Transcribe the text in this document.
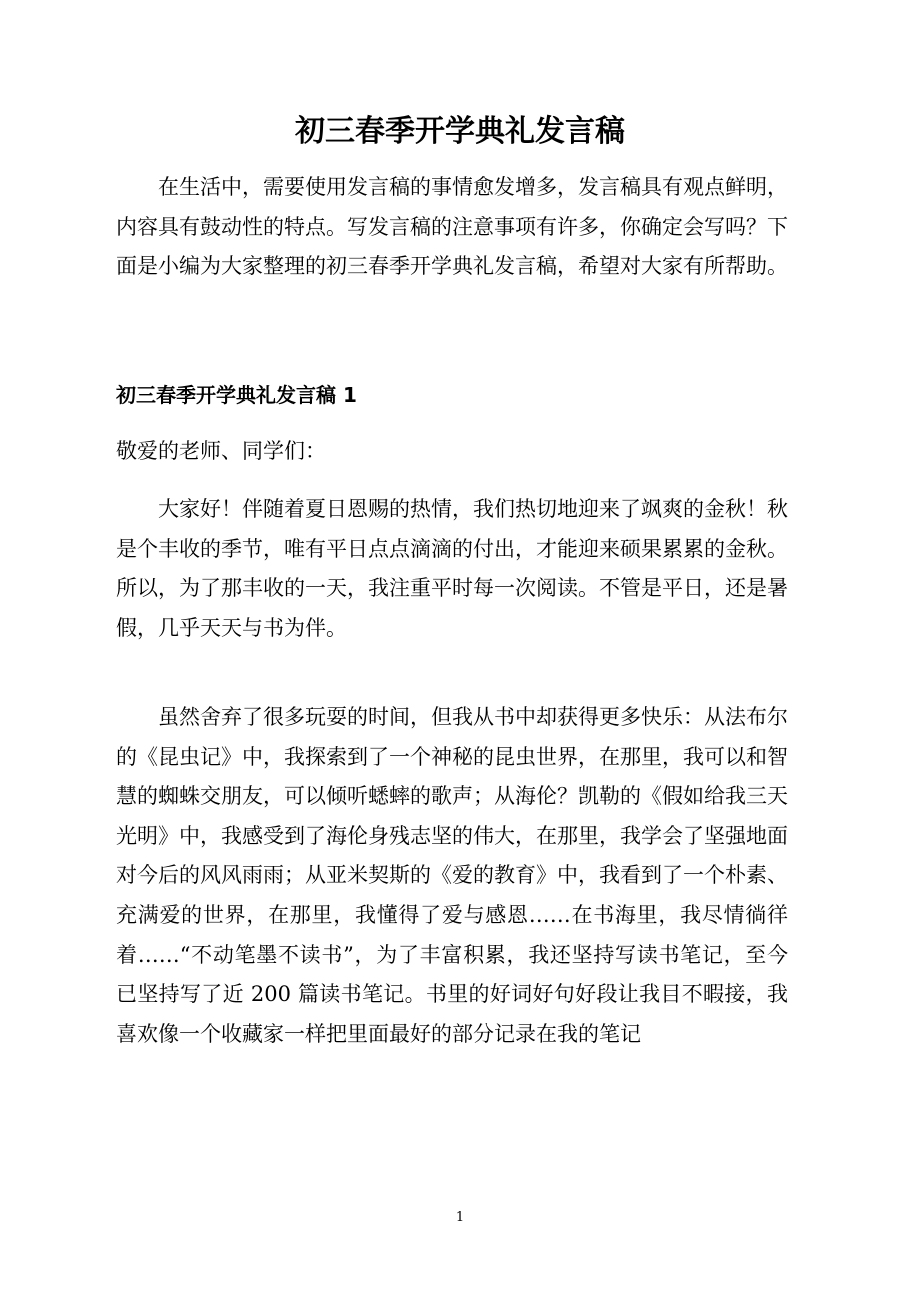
初三春季开学典礼发言稿

在生活中，需要使用发言稿的事情愈发增多，发言稿具有观点鲜明，内容具有鼓动性的特点。写发言稿的注意事项有许多，你确定会写吗？下面是小编为大家整理的初三春季开学典礼发言稿，希望对大家有所帮助。

初三春季开学典礼发言稿 1

敬爱的老师、同学们：

大家好！伴随着夏日恩赐的热情，我们热切地迎来了飒爽的金秋！秋是个丰收的季节，唯有平日点点滴滴的付出，才能迎来硕果累累的金秋。所以，为了那丰收的一天，我注重平时每一次阅读。不管是平日，还是暑假，几乎天天与书为伴。

虽然舍弃了很多玩耍的时间，但我从书中却获得更多快乐：从法布尔的《昆虫记》中，我探索到了一个神秘的昆虫世界，在那里，我可以和智慧的蜘蛛交朋友，可以倾听蟋蟀的歌声；从海伦？凯勒的《假如给我三天光明》中，我感受到了海伦身残志坚的伟大，在那里，我学会了坚强地面对今后的风风雨雨；从亚米契斯的《爱的教育》中，我看到了一个朴素、充满爱的世界，在那里，我懂得了爱与感恩……在书海里，我尽情徜徉着……“不动笔墨不读书”，为了丰富积累，我还坚持写读书笔记，至今已坚持写了近 200 篇读书笔记。书里的好词好句好段让我目不暇接，我喜欢像一个收藏家一样把里面最好的部分记录在我的笔记

1
